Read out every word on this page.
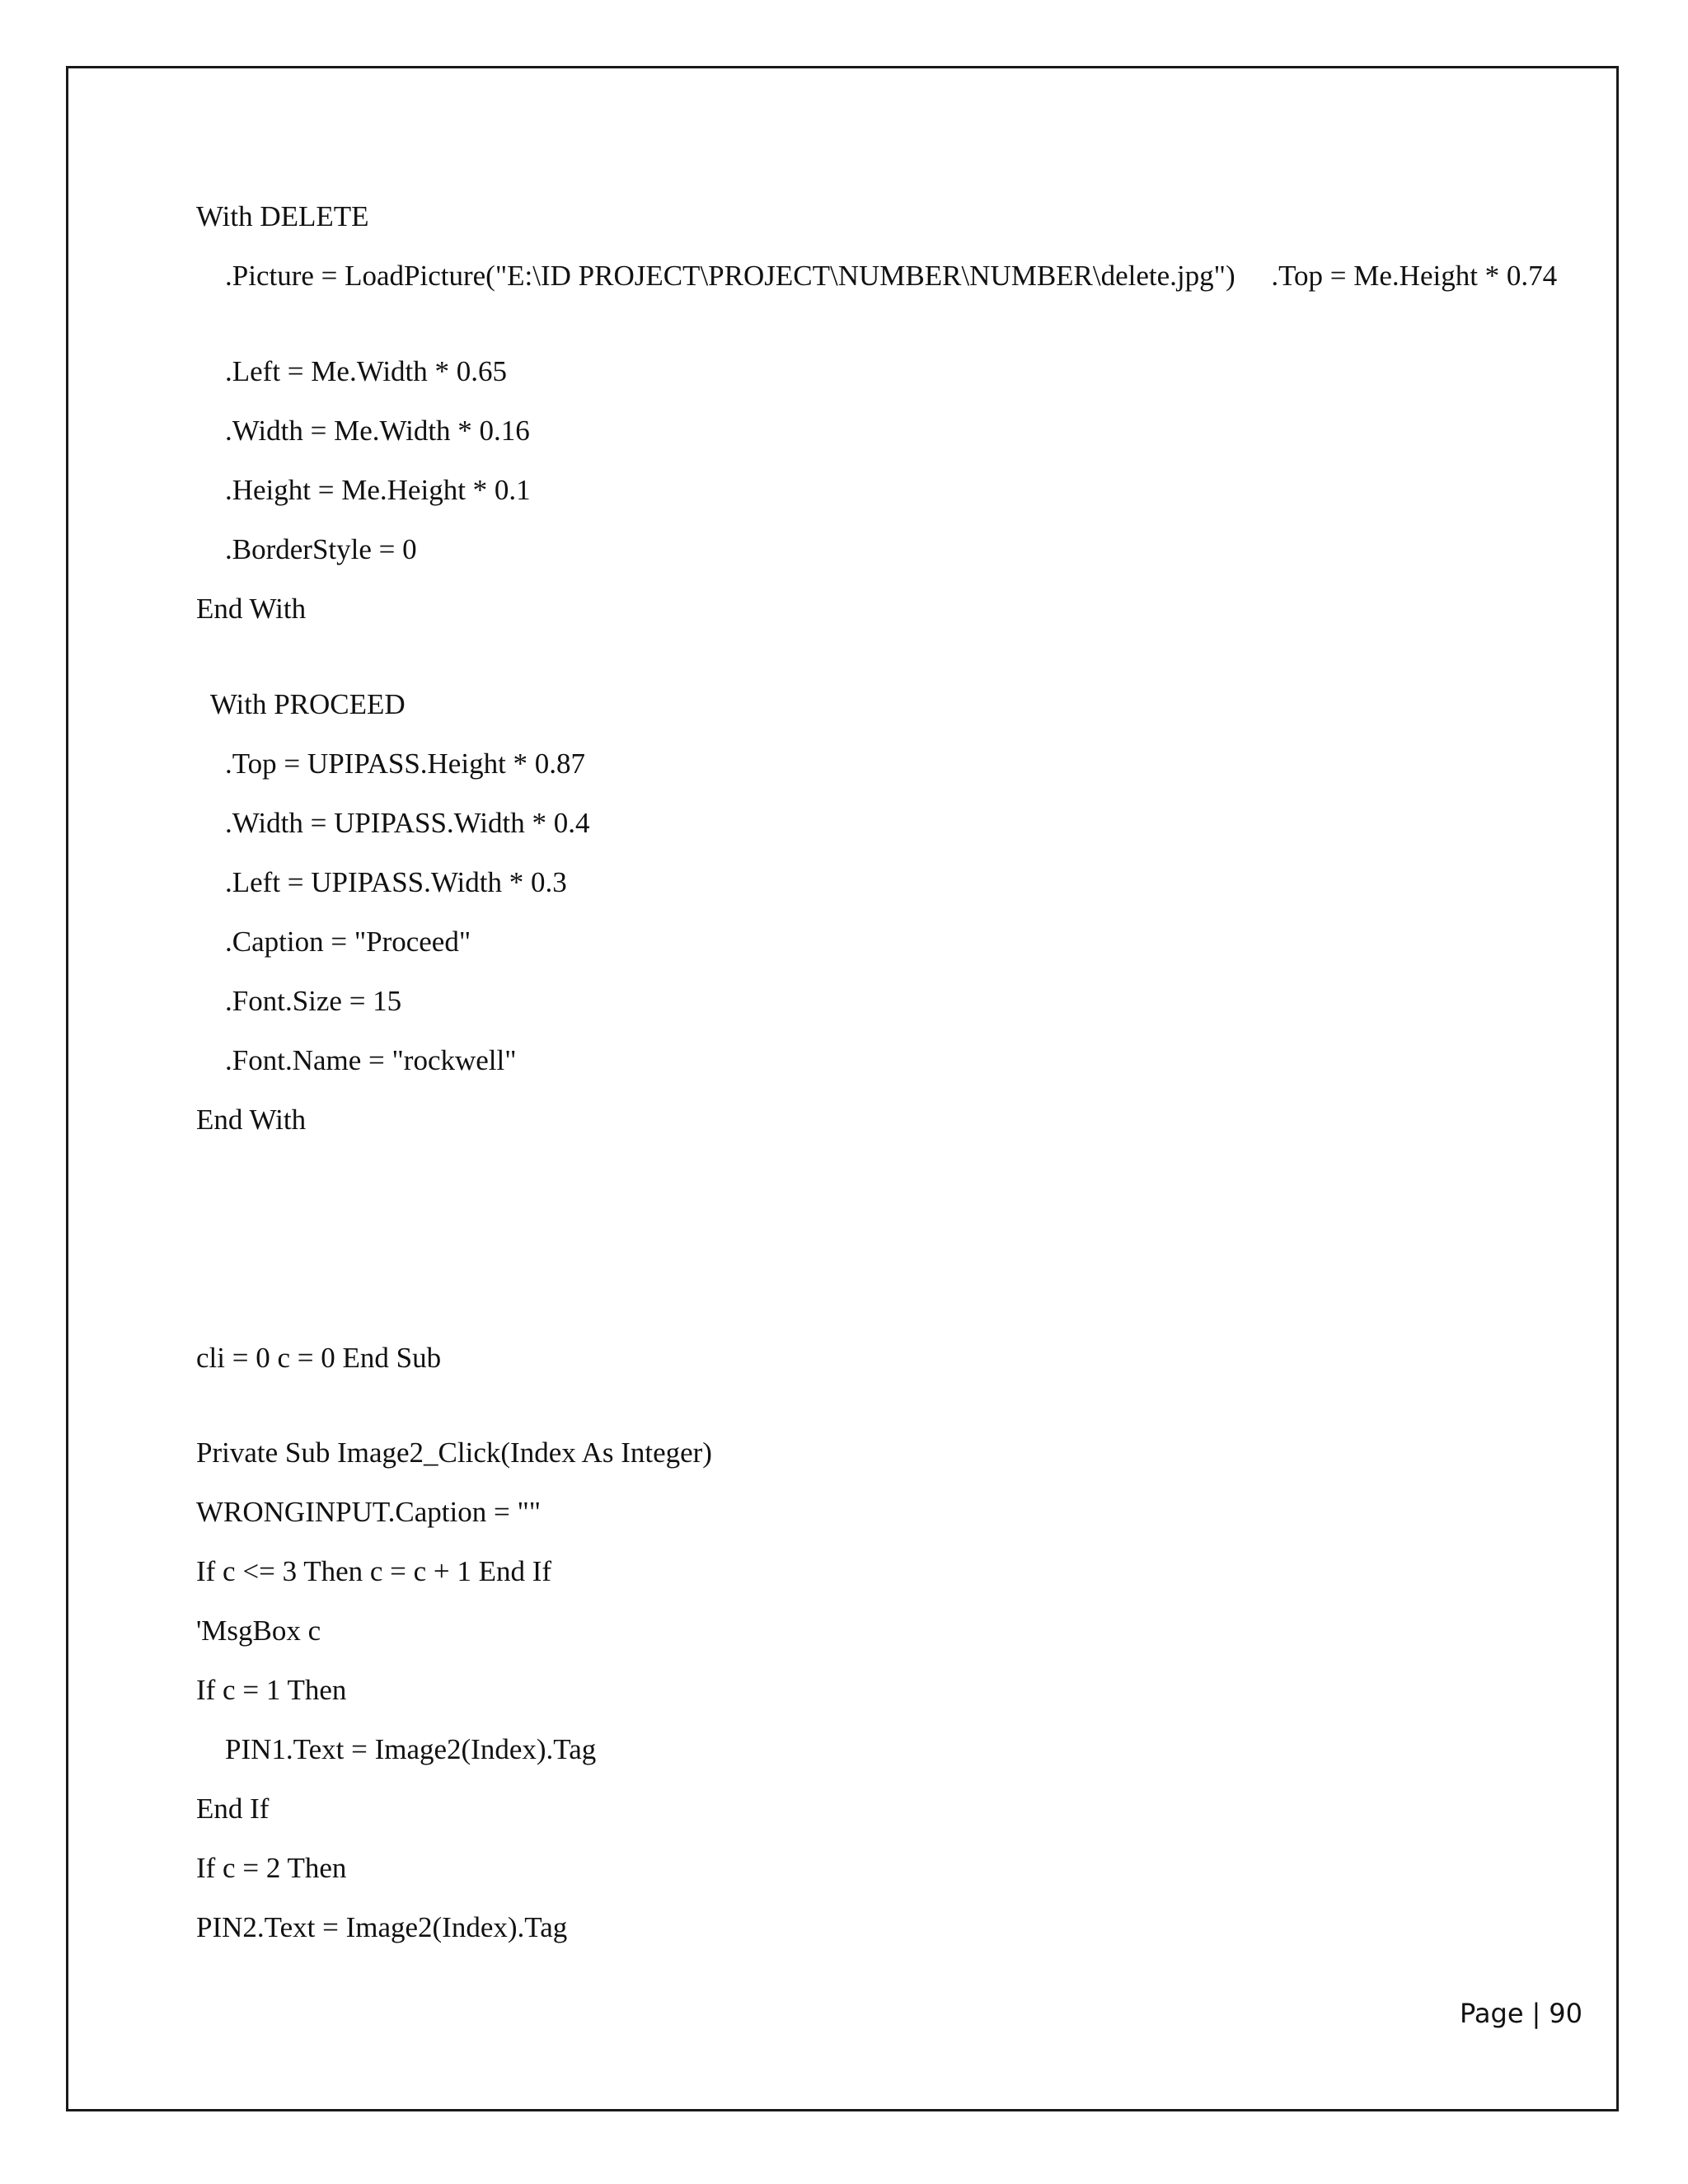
With DELETE
.Picture = LoadPicture("E:\ID PROJECT\PROJECT\NUMBER\NUMBER\delete.jpg")     .Top = Me.Height * 0.74
.Left = Me.Width * 0.65
.Width = Me.Width * 0.16
.Height = Me.Height * 0.1
.BorderStyle = 0
End With
With PROCEED
.Top = UPIPASS.Height * 0.87
.Width = UPIPASS.Width * 0.4
.Left = UPIPASS.Width * 0.3
.Caption = "Proceed"
.Font.Size = 15
.Font.Name = "rockwell"
End With
cli = 0 c = 0 End Sub
Private Sub Image2_Click(Index As Integer)
WRONGINPUT.Caption = ""
If c <= 3 Then c = c + 1 End If
'MsgBox c
If c = 1 Then
PIN1.Text = Image2(Index).Tag
End If
If c = 2 Then
PIN2.Text = Image2(Index).Tag
Page | 90
